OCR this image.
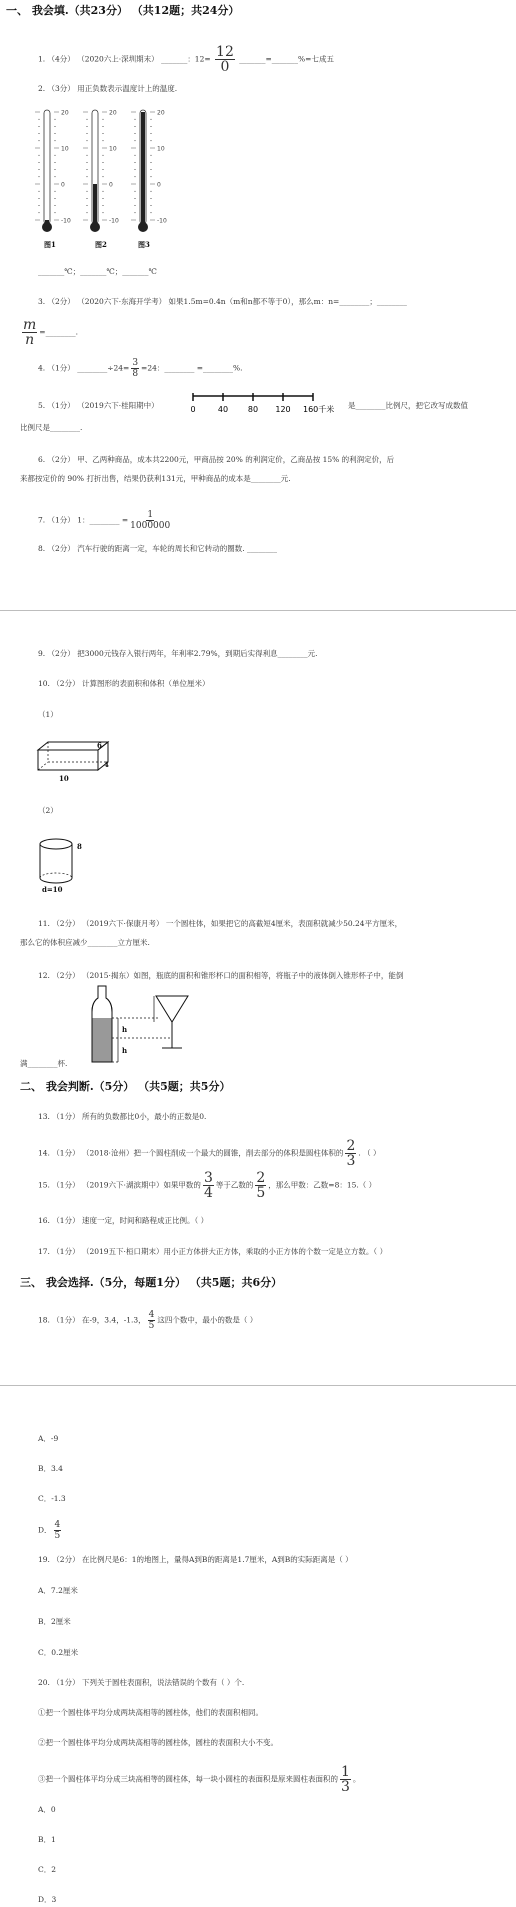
一、 我会填.（共23分） （共12题；共24分）
1. （4分） （2020六上·深圳期末） _______：$12= \frac{12}{0}$ _______=_______%=七成五
2. （3分） 用正负数表示温度计上的温度.
20
10
0
-10
20
10
0
-10
20
10
0
-10
图1	图2	图3
_______℃；_______℃；_______℃
3. （2分） （2020六下·东海开学考） 如果1.5m=0.4n（m和n都不等于0），那么m：n=________；________
$\frac{m}{n}$ =________.
4. （1分） ________÷24= $\frac{3}{8} =24$：________ =________%.
5. （1分） （2019六下·桂阳期中）	0	40 80 120 160千米 是________比例尺，把它改写成数值
比例尺是________.
6. （2分） 甲、乙两种商品，成本共2200元，甲商品按 20% 的利润定价，乙商品按 15% 的利润定价，后
来都按定价的 90% 打折出售，结果仍获利131元，甲种商品的成本是________元.
7. （1分） 1：________ = $\frac{1}{1000000}$
8. （2分） 汽车行驶的距离一定，车轮的周长和它转动的圈数. ________
9. （2分） 把3000元钱存入银行两年，年利率2.79%，到期后实得利息________元.
10. （2分） 计算图形的表面积和体积（单位厘米）
（1）
6
4
10
（2）
8
d=10
11. （2分） （2019六下·保康月考） 一个圆柱体，如果把它的高截短4厘米，表面积就减少50.24平方厘米，
那么它的体积应减少________立方厘米.
12. （2分） （2015·揭东）如图，瓶底的面积和锥形杯口的面积相等，将瓶子中的液体倒入锥形杯子中，能倒
h
h
满________杯.
二、 我会判断.（5分） （共5题；共5分）
13. （1分） 所有的负数都比0小，最小的正数是0.
14. （1分） （2018·沧州）把一个圆柱削成一个最大的圆锥，削去部分的体积是圆柱体积的 $\frac{2}{3}$ . （ ）
15. （1分） （2019六下·湖滨期中）如果甲数的 $\frac{3}{4}$ 等于乙数的 $\frac{2}{5}$ ，那么甲数：乙数=8：15.（ ）
16. （1分） 速度一定，时间和路程成正比例。（ ）
17. （1分） （2019五下·桓口期末）用小正方体拼大正方体，乘取的小正方体的个数一定是立方数。（ ）
三、 我会选择.（5分，每题1分） （共5题；共6分）
18. （1分） 在-9，3.4，-1.3， $\frac{4}{5}$ 这四个数中，最小的数是（ ）
A．-9
B．3.4
C．-1.3
D． $\frac{4}{5}$
19. （2分） 在比例尺是6：1的地图上，量得A到B的距离是1.7厘米，A到B的实际距离是（ ）
A．7.2厘米
B．2厘米
C．0.2厘米
20. （1分） 下列关于圆柱表面积，说法错误的个数有（ ）个.
①把一个圆柱体平均分成两块高相等的圆柱体，他们的表面积相同。
②把一个圆柱体平均分成两块高相等的圆柱体，圆柱的表面积大小不变。
③把一个圆柱体平均分成三块高相等的圆柱体，每一块小圆柱的表面积是原来圆柱表面积的 $\frac{1}{3}$ 。
A．0
B．1
C．2
D．3
